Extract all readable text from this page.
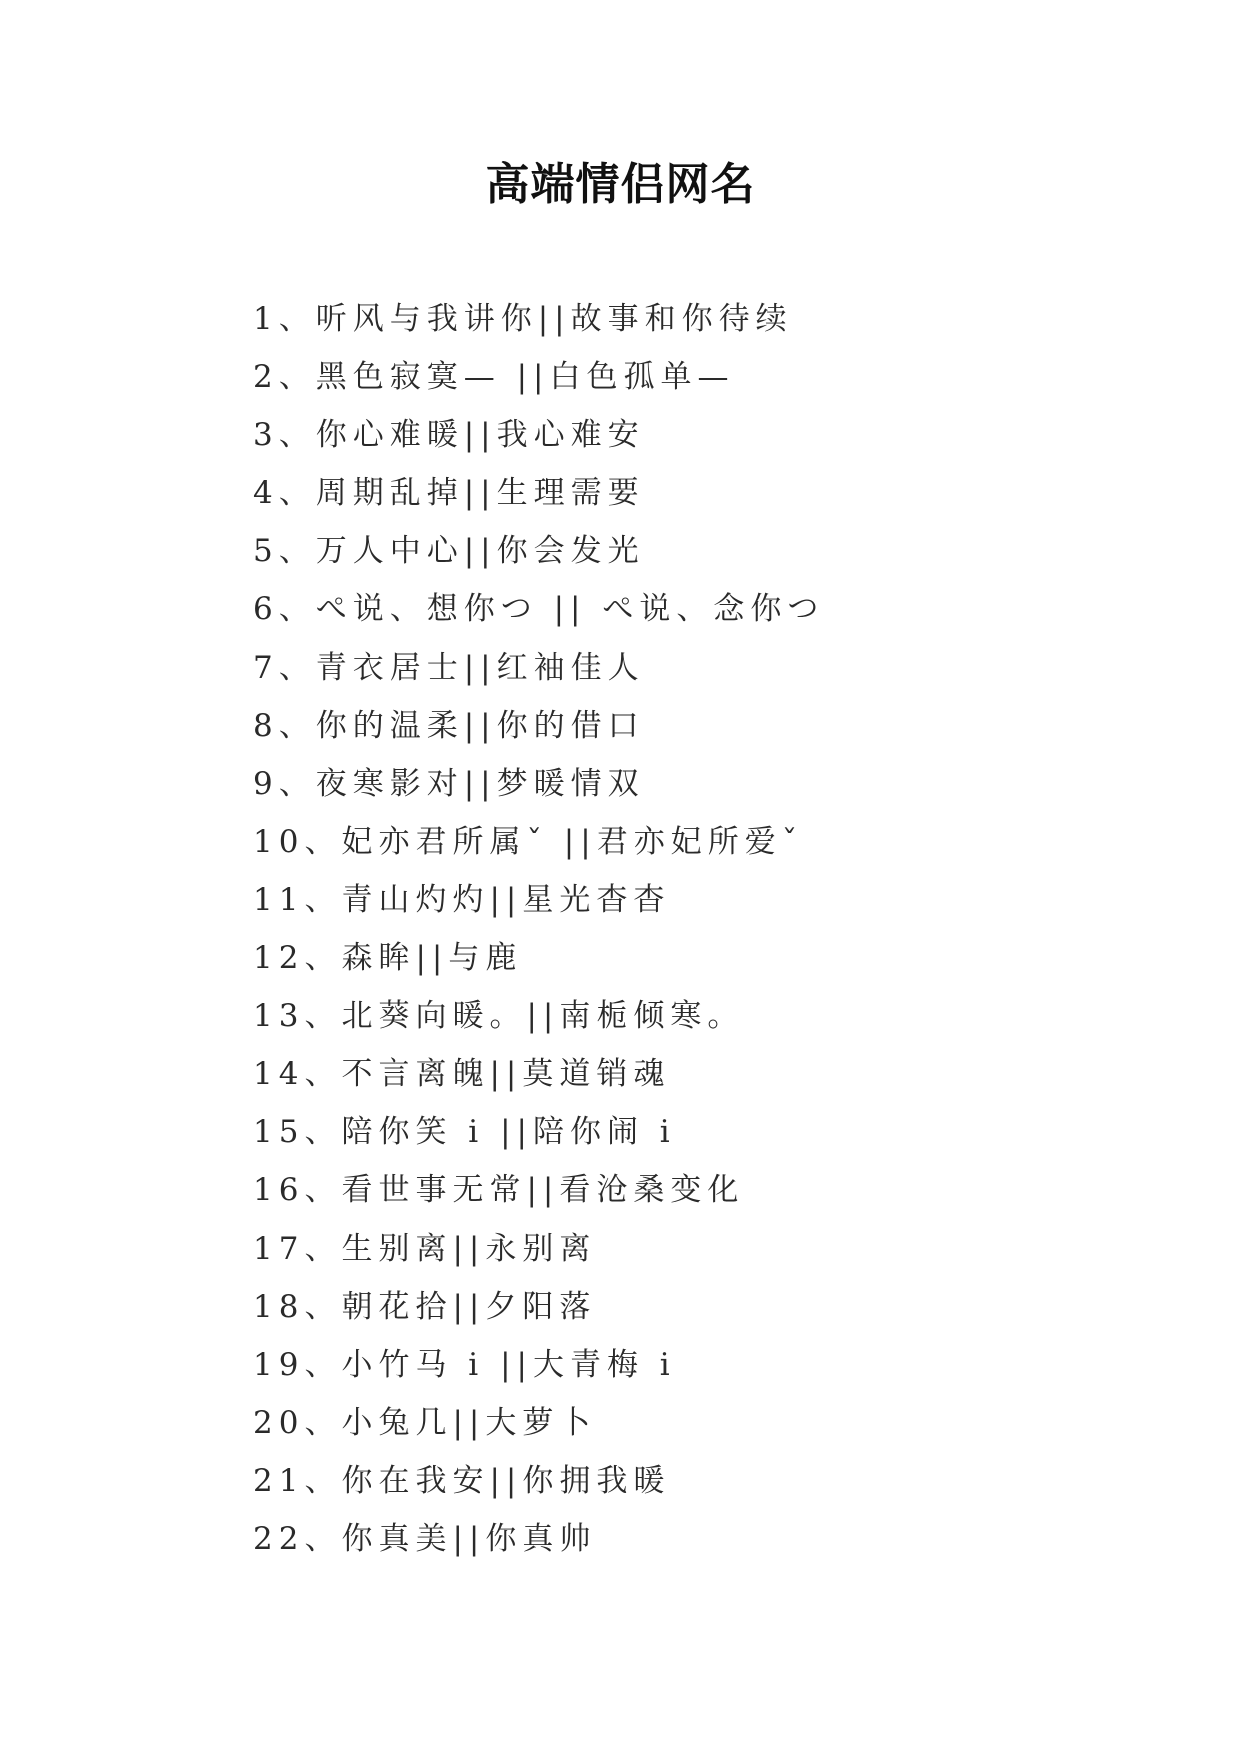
高端情侣网名
1、听风与我讲你||故事和你待续
2、黑色寂寞— ||白色孤单—
3、你心难暖||我心难安
4、周期乱掉||生理需要
5、万人中心||你会发光
6、ぺ说、想你つ || ぺ说、念你つ
7、青衣居士||红袖佳人
8、你的温柔||你的借口
9、夜寒影对||梦暖情双
10、妃亦君所属ˇ ||君亦妃所爱ˇ
11、青山灼灼||星光杳杳
12、森眸||与鹿
13、北葵向暖。||南栀倾寒。
14、不言离魄||莫道销魂
15、陪你笑 i ||陪你闹 i
16、看世事无常||看沧桑变化
17、生别离||永别离
18、朝花拾||夕阳落
19、小竹马 i ||大青梅 i
20、小兔几||大萝卜
21、你在我安||你拥我暖
22、你真美||你真帅
